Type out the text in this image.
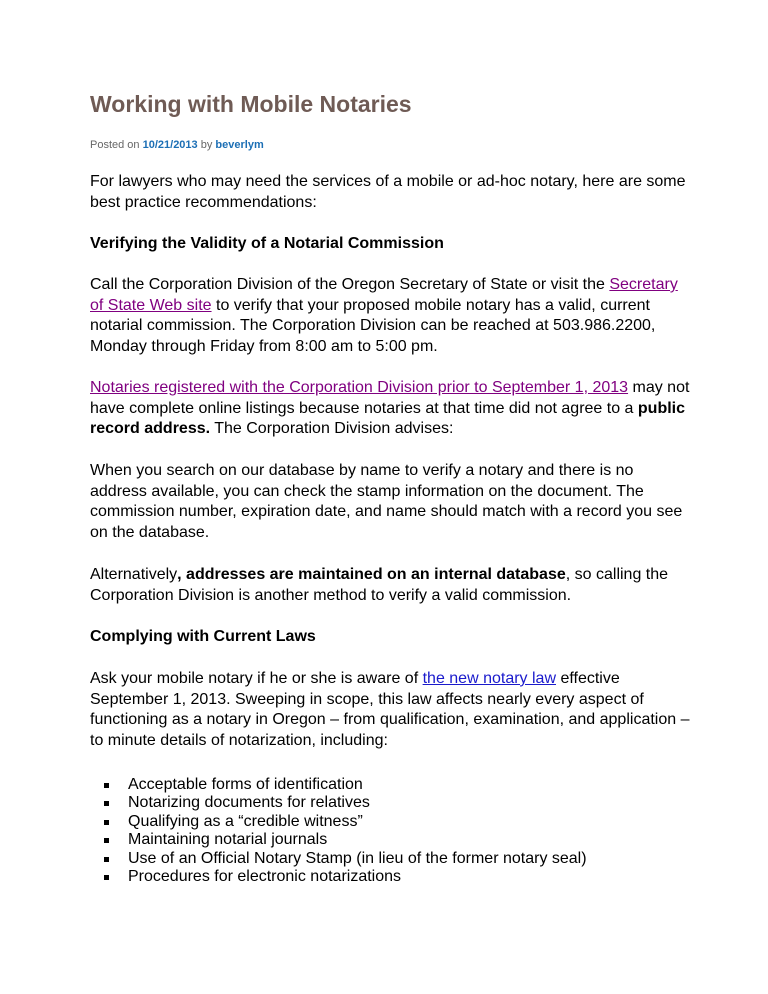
Working with Mobile Notaries
Posted on 10/21/2013 by beverlym

For lawyers who may need the services of a mobile or ad-hoc notary, here are some best practice recommendations:

Verifying the Validity of a Notarial Commission

Call the Corporation Division of the Oregon Secretary of State or visit the Secretary of State Web site to verify that your proposed mobile notary has a valid, current notarial commission. The Corporation Division can be reached at 503.986.2200, Monday through Friday from 8:00 am to 5:00 pm.

Notaries registered with the Corporation Division prior to September 1, 2013 may not have complete online listings because notaries at that time did not agree to a public record address. The Corporation Division advises:

When you search on our database by name to verify a notary and there is no address available, you can check the stamp information on the document. The commission number, expiration date, and name should match with a record you see on the database.

Alternatively, addresses are maintained on an internal database, so calling the Corporation Division is another method to verify a valid commission.

Complying with Current Laws

Ask your mobile notary if he or she is aware of the new notary law effective September 1, 2013. Sweeping in scope, this law affects nearly every aspect of functioning as a notary in Oregon – from qualification, examination, and application – to minute details of notarization, including:

Acceptable forms of identification
Notarizing documents for relatives
Qualifying as a “credible witness”
Maintaining notarial journals
Use of an Official Notary Stamp (in lieu of the former notary seal)
Procedures for electronic notarizations
